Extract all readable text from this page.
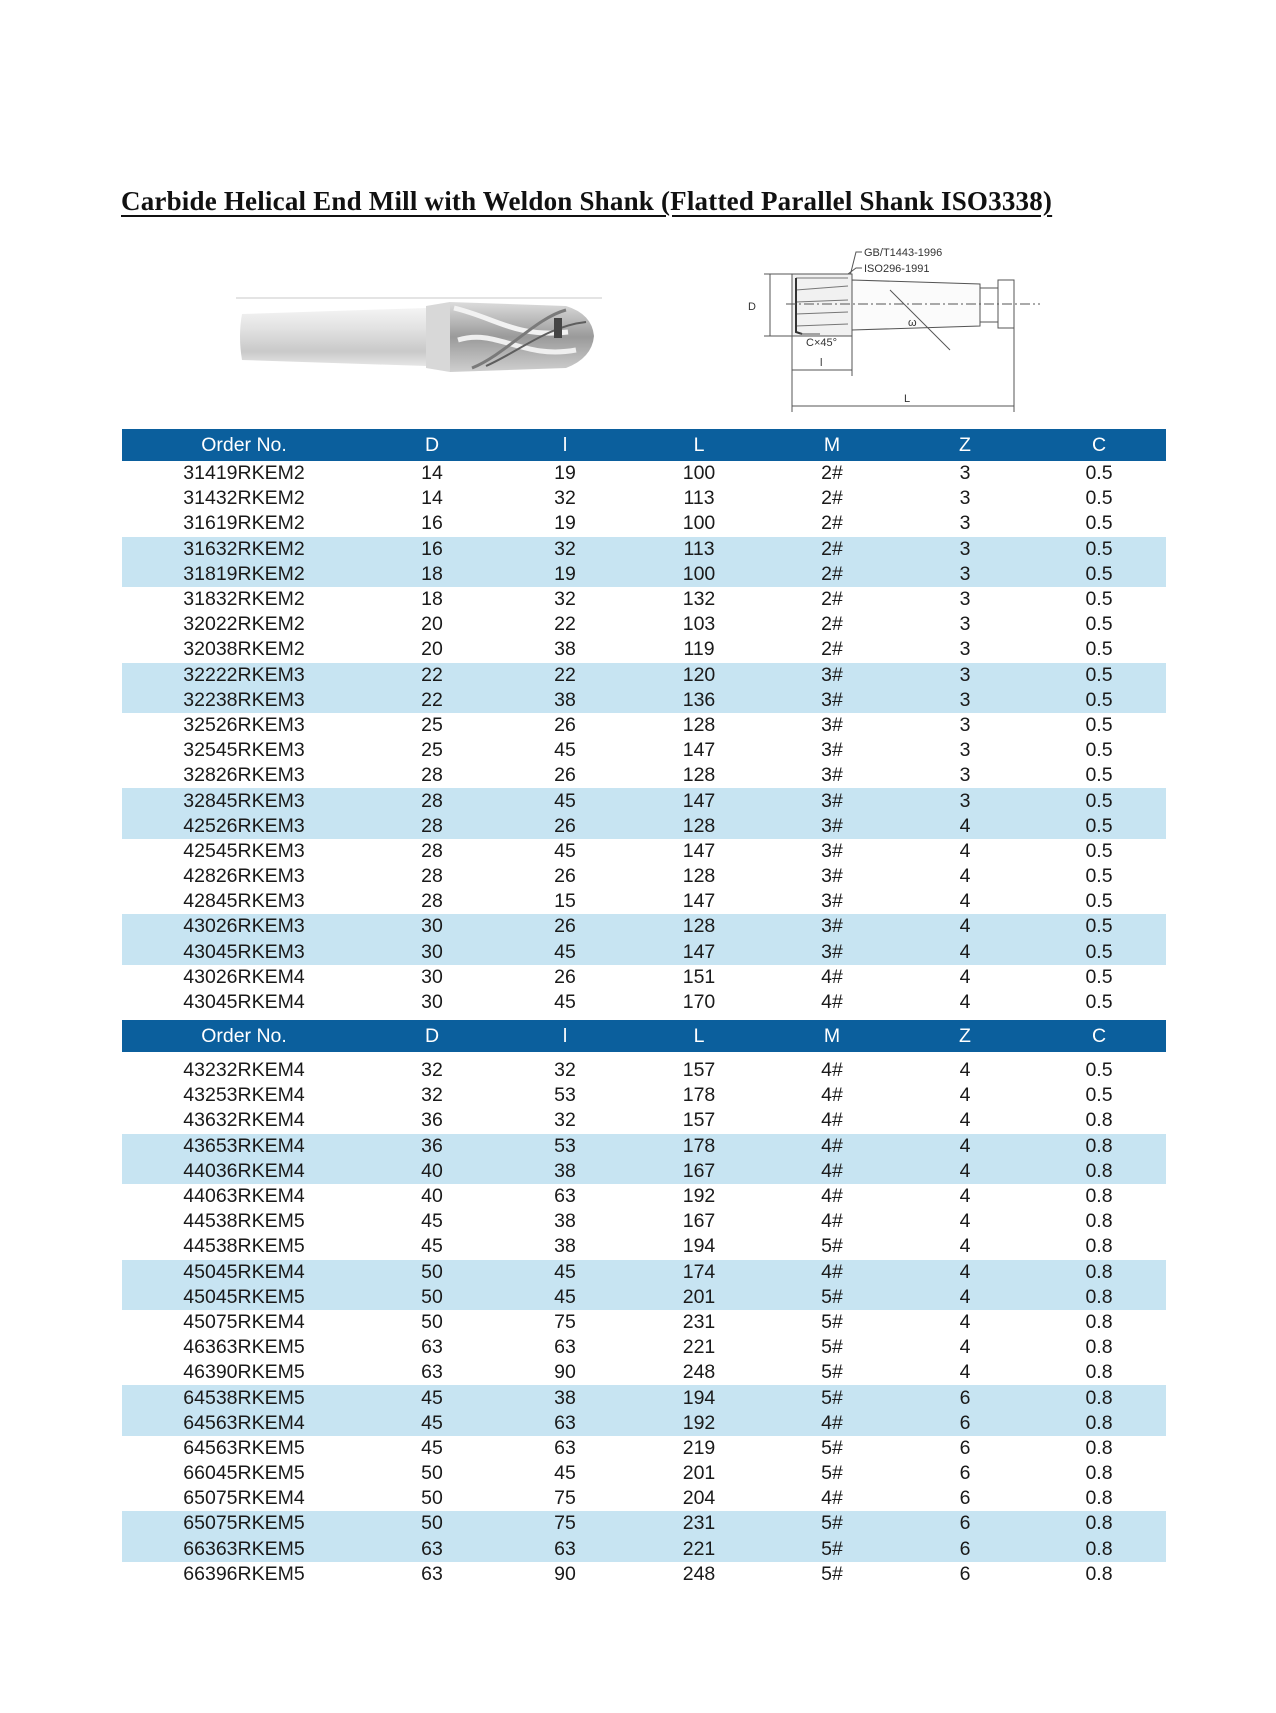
Carbide Helical End Mill with Weldon Shank (Flatted Parallel Shank ISO3338)
GB/T1443-1996
ISO296-1991
D
C×45°
l
L
ω
Order No.	D	l	L	M	Z	C
31419RKEM2	14	19	100	2#	3	0.5
31432RKEM2	14	32	113	2#	3	0.5
31619RKEM2	16	19	100	2#	3	0.5
31632RKEM2	16	32	113	2#	3	0.5
31819RKEM2	18	19	100	2#	3	0.5
31832RKEM2	18	32	132	2#	3	0.5
32022RKEM2	20	22	103	2#	3	0.5
32038RKEM2	20	38	119	2#	3	0.5
32222RKEM3	22	22	120	3#	3	0.5
32238RKEM3	22	38	136	3#	3	0.5
32526RKEM3	25	26	128	3#	3	0.5
32545RKEM3	25	45	147	3#	3	0.5
32826RKEM3	28	26	128	3#	3	0.5
32845RKEM3	28	45	147	3#	3	0.5
42526RKEM3	28	26	128	3#	4	0.5
42545RKEM3	28	45	147	3#	4	0.5
42826RKEM3	28	26	128	3#	4	0.5
42845RKEM3	28	15	147	3#	4	0.5
43026RKEM3	30	26	128	3#	4	0.5
43045RKEM3	30	45	147	3#	4	0.5
43026RKEM4	30	26	151	4#	4	0.5
43045RKEM4	30	45	170	4#	4	0.5
Order No.	D	l	L	M	Z	C

43232RKEM4	32	32	157	4#	4	0.5
43253RKEM4	32	53	178	4#	4	0.5
43632RKEM4	36	32	157	4#	4	0.8
43653RKEM4	36	53	178	4#	4	0.8
44036RKEM4	40	38	167	4#	4	0.8
44063RKEM4	40	63	192	4#	4	0.8
44538RKEM5	45	38	167	4#	4	0.8
44538RKEM5	45	38	194	5#	4	0.8
45045RKEM4	50	45	174	4#	4	0.8
45045RKEM5	50	45	201	5#	4	0.8
45075RKEM4	50	75	231	5#	4	0.8
46363RKEM5	63	63	221	5#	4	0.8
46390RKEM5	63	90	248	5#	4	0.8
64538RKEM5	45	38	194	5#	6	0.8
64563RKEM4	45	63	192	4#	6	0.8
64563RKEM5	45	63	219	5#	6	0.8
66045RKEM5	50	45	201	5#	6	0.8
65075RKEM4	50	75	204	4#	6	0.8
65075RKEM5	50	75	231	5#	6	0.8
66363RKEM5	63	63	221	5#	6	0.8
66396RKEM5	63	90	248	5#	6	0.8
